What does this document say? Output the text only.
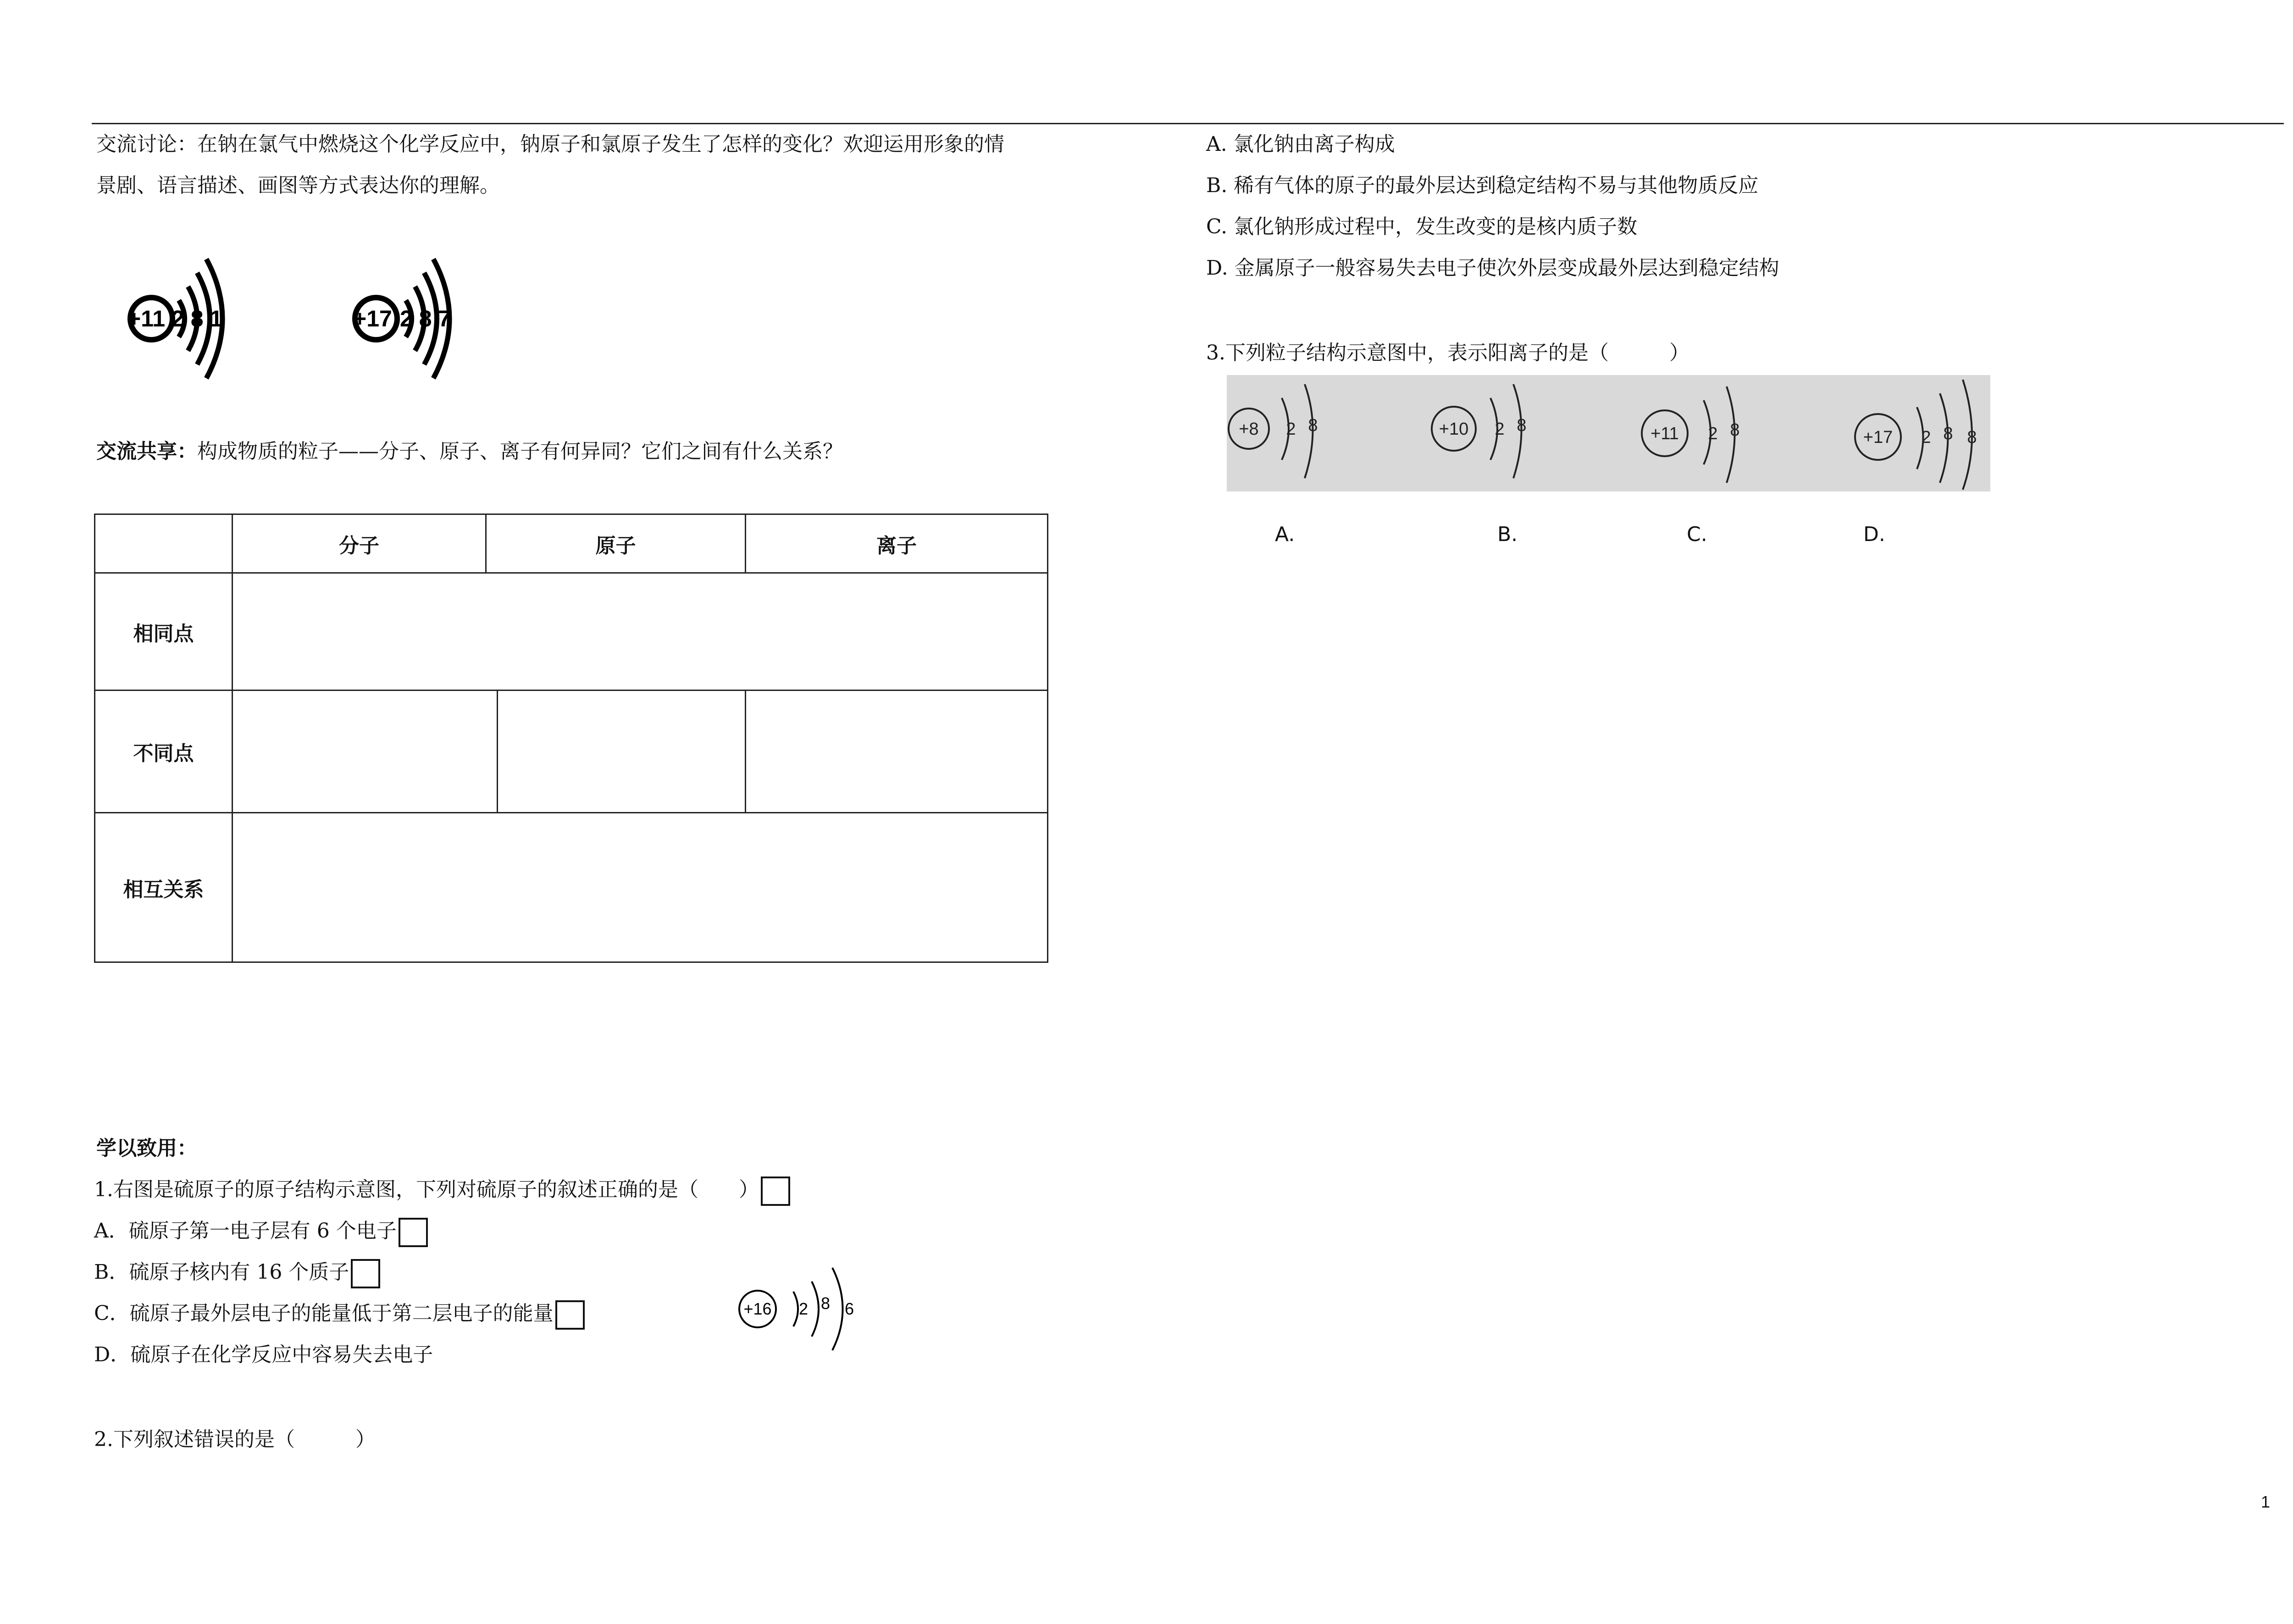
交流讨论：在钠在氯气中燃烧这个化学反应中，钠原子和氯原子发生了怎样的变化？欢迎运用形象的情
景剧、语言描述、画图等方式表达你的理解。
+11 2 8 1	+17 2 8 7
交流共享：构成物质的粒子——分子、原子、离子有何异同？它们之间有什么关系？
	分子	原子	离子
相同点			
不同点		

相互关系			
学以致用：
1.右图是硫原子的原子结构示意图，下列对硫原子的叙述正确的是（　　）
A．硫原子第一电子层有 6 个电子
B．硫原子核内有 16 个质子
C．硫原子最外层电子的能量低于第二层电子的能量
D．硫原子在化学反应中容易失去电子
+16 2 8 6
2.下列叙述错误的是（　　　）
A. 氯化钠由离子构成
B. 稀有气体的原子的最外层达到稳定结构不易与其他物质反应
C. 氯化钠形成过程中，发生改变的是核内质子数
D. 金属原子一般容易失去电子使次外层变成最外层达到稳定结构
3.下列粒子结构示意图中，表示阳离子的是（　　　）
+8 2 8	+10 2 8	+11 2 8	+17 2 8 8
A.	B.	C.	D.
1
